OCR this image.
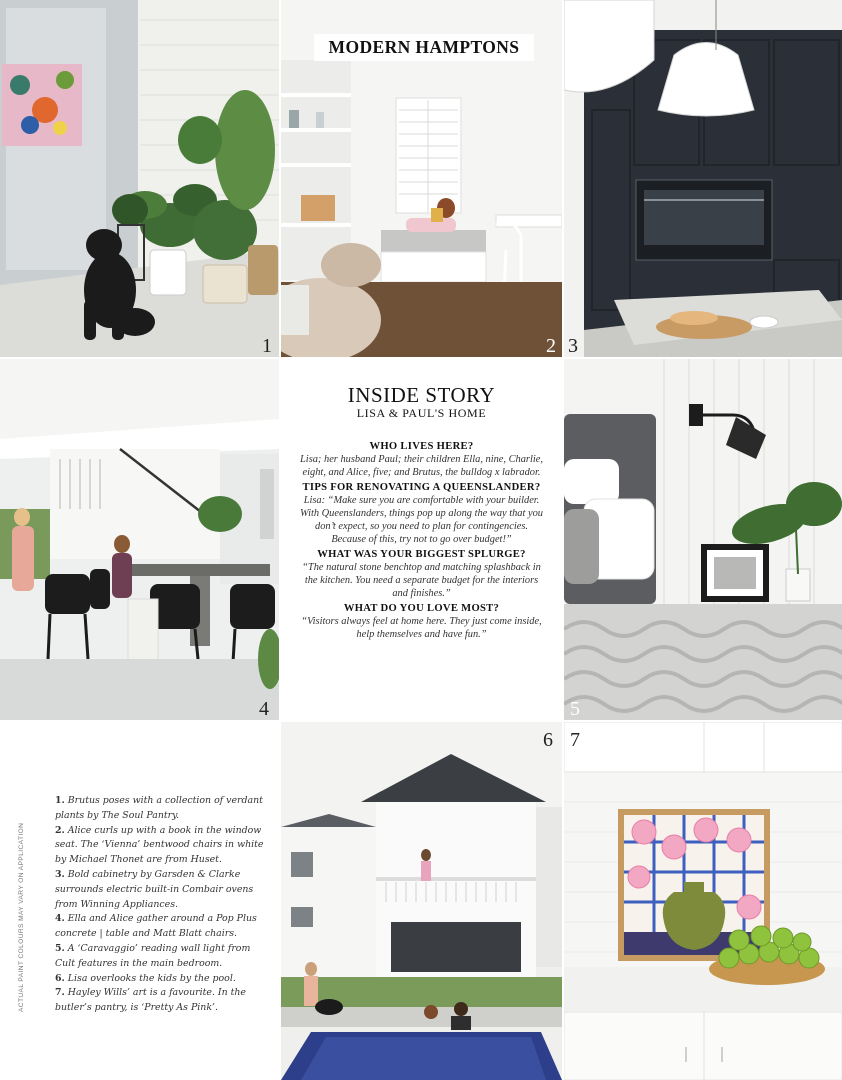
1
MODERN HAMPTONS
2 3
4
INSIDE STORY
LISA & PAUL'S HOME
WHO LIVES HERE?
Lisa; her husband Paul; their children Ella, nine, Charlie, eight, and Alice, five; and Brutus, the bulldog x labrador.
TIPS FOR RENOVATING A QUEENSLANDER?
Lisa: “Make sure you are comfortable with your builder. With Queenslanders, things pop up along the way that you don’t expect, so you need to plan for contingencies. Because of this, try not to go over budget!”
WHAT WAS YOUR BIGGEST SPLURGE?
“The natural stone benchtop and matching splashback in the kitchen. You need a separate budget for the interiors and finishes.”
WHAT DO YOU LOVE MOST?
“Visitors always feel at home here. They just come inside, help themselves and have fun.”
5
ACTUAL PAINT COLOURS MAY VARY ON APPLICATION
1. Brutus poses with a collection of verdant plants by The Soul Pantry.
2. Alice curls up with a book in the window seat. The ‘Vienna’ bentwood chairs in white by Michael Thonet are from Huset.
3. Bold cabinetry by Garsden & Clarke surrounds electric built-in Combair ovens from Winning Appliances.
4. Ella and Alice gather around a Pop Plus concrete | table and Matt Blatt chairs.
5. A ‘Caravaggio’ reading wall light from Cult features in the main bedroom.
6. Lisa overlooks the kids by the pool.
7. Hayley Wills’ art is a favourite. In the butler’s pantry, is ‘Pretty As Pink’.
6 7
